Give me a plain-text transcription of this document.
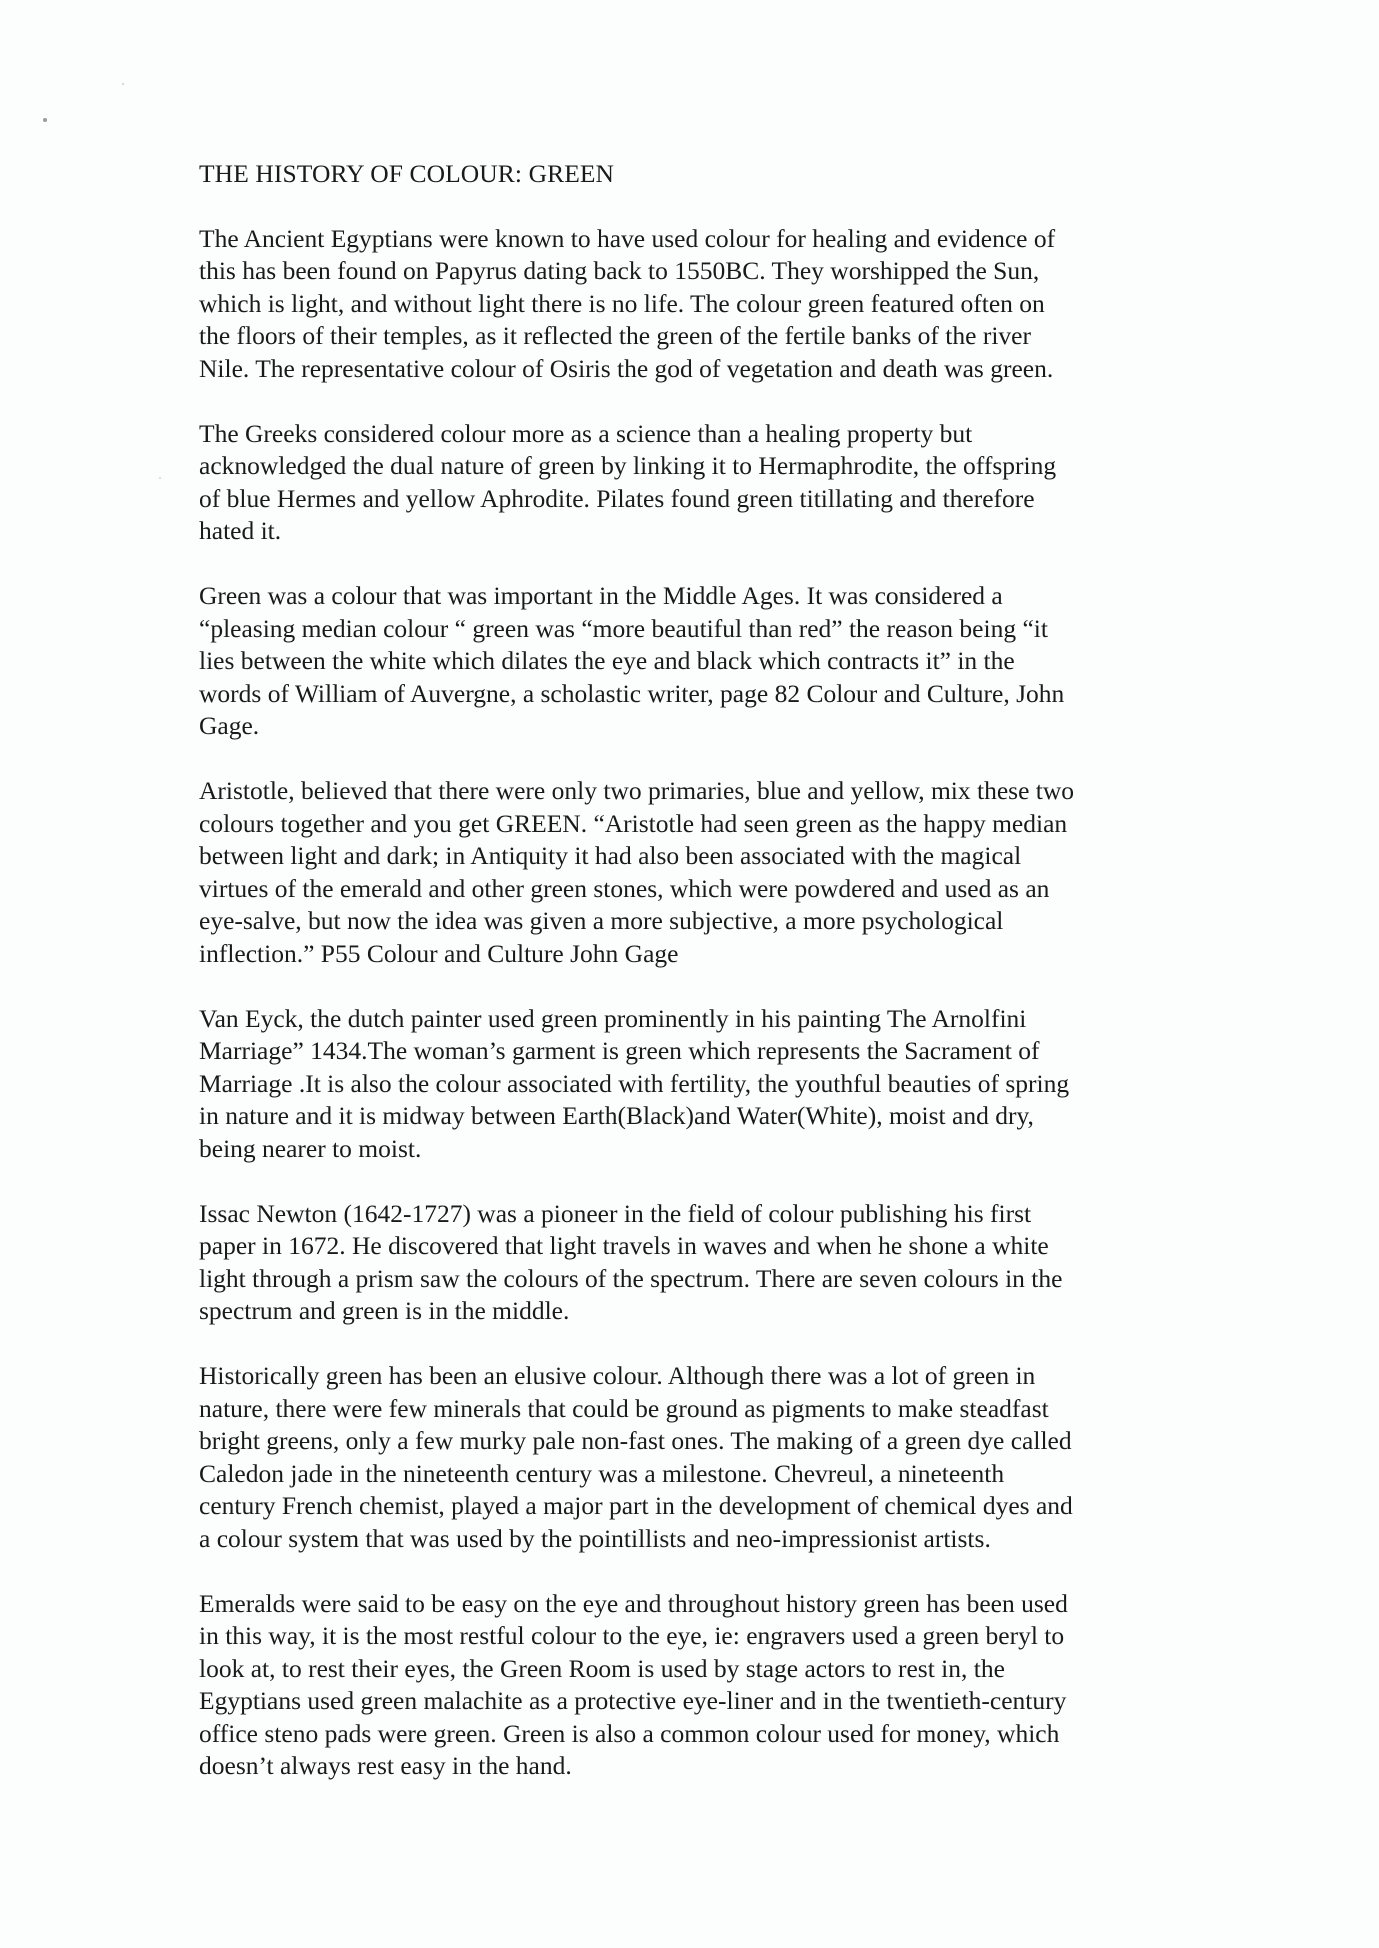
THE HISTORY OF COLOUR: GREEN
The Ancient Egyptians were known to have used colour for healing and evidence of
this has been found on Papyrus dating back to 1550BC. They worshipped the Sun,
which is light, and without light there is no life. The colour green featured often on
the floors of their temples, as it reflected the green of the fertile banks of the river
Nile. The representative colour of Osiris the god of vegetation and death was green.
The Greeks considered colour more as a science than a healing property but
acknowledged the dual nature of green by linking it to Hermaphrodite, the offspring
of blue Hermes and yellow Aphrodite. Pilates found green titillating and therefore
hated it.
Green was a colour that was important in the Middle Ages. It was considered a
“pleasing median colour “ green was “more beautiful than red” the reason being “it
lies between the white which dilates the eye and black which contracts it” in the
words of William of Auvergne, a scholastic writer, page 82 Colour and Culture, John
Gage.
Aristotle, believed that there were only two primaries, blue and yellow, mix these two
colours together and you get GREEN. “Aristotle had seen green as the happy median
between light and dark; in Antiquity it had also been associated with the magical
virtues of the emerald and other green stones, which were powdered and used as an
eye-salve, but now the idea was given a more subjective, a more psychological
inflection.” P55 Colour and Culture John Gage
Van Eyck, the dutch painter used green prominently in his painting The Arnolfini
Marriage” 1434.The woman’s garment is green which represents the Sacrament of
Marriage .It is also the colour associated with fertility, the youthful beauties of spring
in nature and it is midway between Earth(Black)and Water(White), moist and dry,
being nearer to moist.
Issac Newton (1642-1727) was a pioneer in the field of colour publishing his first
paper in 1672. He discovered that light travels in waves and when he shone a white
light through a prism saw the colours of the spectrum. There are seven colours in the
spectrum and green is in the middle.
Historically green has been an elusive colour. Although there was a lot of green in
nature, there were few minerals that could be ground as pigments to make steadfast
bright greens, only a few murky pale non-fast ones. The making of a green dye called
Caledon jade in the nineteenth century was a milestone. Chevreul, a nineteenth
century French chemist, played a major part in the development of chemical dyes and
a colour system that was used by the pointillists and neo-impressionist artists.
Emeralds were said to be easy on the eye and throughout history green has been used
in this way, it is the most restful colour to the eye, ie: engravers used a green beryl to
look at, to rest their eyes, the Green Room is used by stage actors to rest in, the
Egyptians used green malachite as a protective eye-liner and in the twentieth-century
office steno pads were green. Green is also a common colour used for money, which
doesn’t always rest easy in the hand.
